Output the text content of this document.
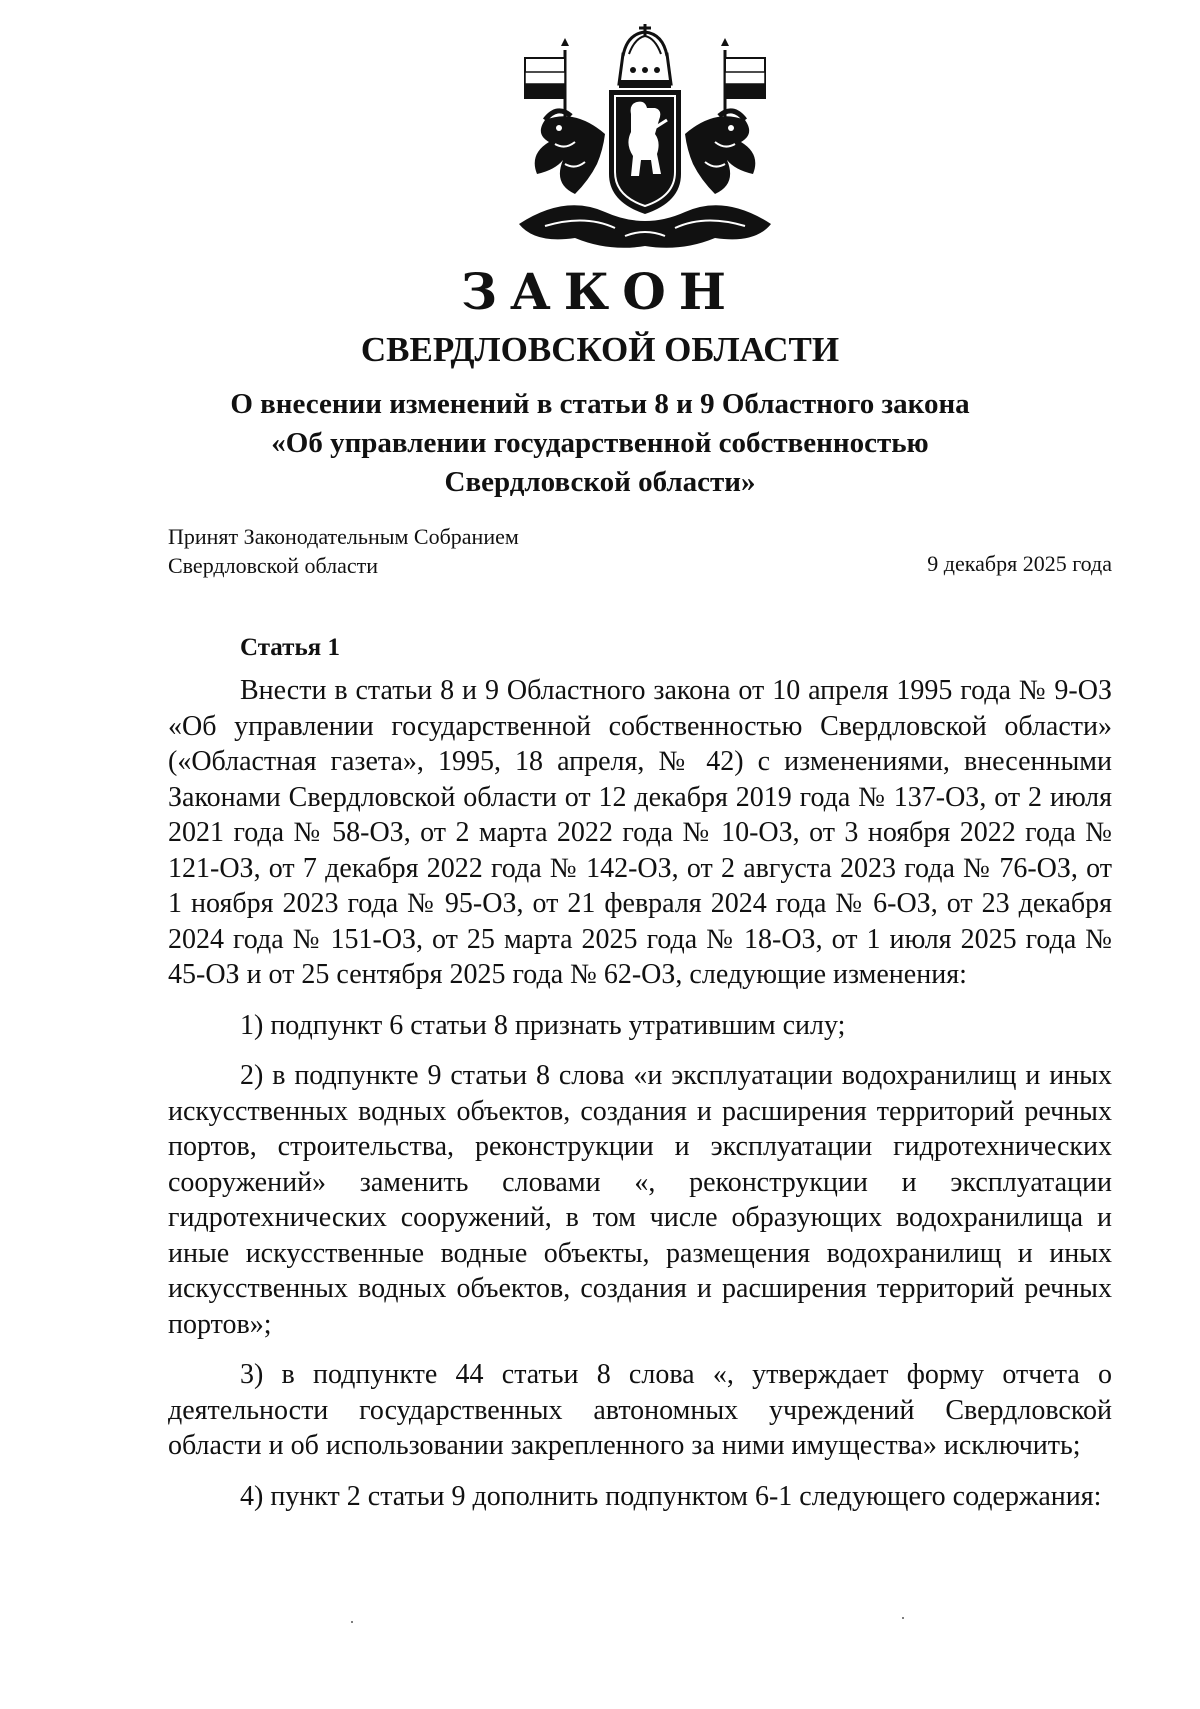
ЗАКОН
СВЕРДЛОВСКОЙ ОБЛАСТИ
О внесении изменений в статьи 8 и 9 Областного закона
«Об управлении государственной собственностью
Свердловской области»
Принят Законодательным Собранием
Свердловской области	9 декабря 2025 года
Статья 1

Внести в статьи 8 и 9 Областного закона от 10 апреля 1995 года № 9-ОЗ «Об управлении государственной собственностью Свердловской области» («Областная газета», 1995, 18 апреля, № 42) с изменениями, внесенными Законами Свердловской области от 12 декабря 2019 года № 137-ОЗ, от 2 июля 2021 года № 58-ОЗ, от 2 марта 2022 года № 10-ОЗ, от 3 ноября 2022 года № 121-ОЗ, от 7 декабря 2022 года № 142-ОЗ, от 2 августа 2023 года № 76-ОЗ, от 1 ноября 2023 года № 95-ОЗ, от 21 февраля 2024 года № 6-ОЗ, от 23 декабря 2024 года № 151-ОЗ, от 25 марта 2025 года № 18-ОЗ, от 1 июля 2025 года № 45-ОЗ и от 25 сентября 2025 года № 62-ОЗ, следующие изменения:

1) подпункт 6 статьи 8 признать утратившим силу;

2) в подпункте 9 статьи 8 слова «и эксплуатации водохранилищ и иных искусственных водных объектов, создания и расширения территорий речных портов, строительства, реконструкции и эксплуатации гидротехнических сооружений» заменить словами «, реконструкции и эксплуатации гидротехнических сооружений, в том числе образующих водохранилища и иные искусственные водные объекты, размещения водохранилищ и иных искусственных водных объектов, создания и расширения территорий речных портов»;

3) в подпункте 44 статьи 8 слова «, утверждает форму отчета о деятельности государственных автономных учреждений Свердловской области и об использовании закрепленного за ними имущества» исключить;

4) пункт 2 статьи 9 дополнить подпунктом 6-1 следующего содержания:
